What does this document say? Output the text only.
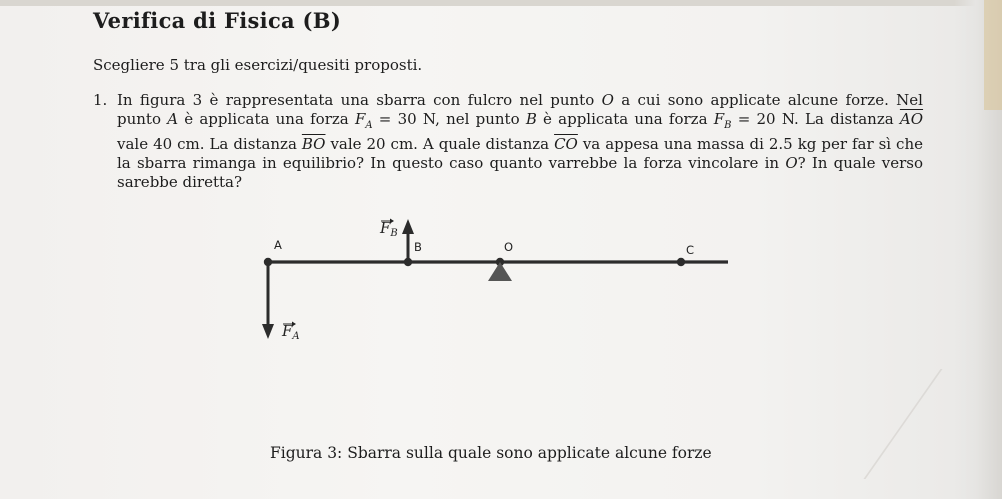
Verifica di Fisica (B)
Scegliere 5 tra gli esercizi/quesiti proposti.
1. In figura 3 è rappresentata una sbarra con fulcro nel punto O a cui sono applicate alcune forze. Nel punto A è applicata una forza $F_A = 30$ N, nel punto B è applicata una forza $F_B = 20$ N. La distanza $\overline{AO}$ vale 40 cm. La distanza $\overline{BO}$ vale 20 cm. A quale distanza $\overline{CO}$ va appesa una massa di 2.5 kg per far sì che la sbarra rimanga in equilibrio? In questo caso quanto varrebbe la forza vincolare in O? In quale verso sarebbe diretta?
A	B	O	C
$F_B$
$F_A$
Figura 3: Sbarra sulla quale sono applicate alcune forze
